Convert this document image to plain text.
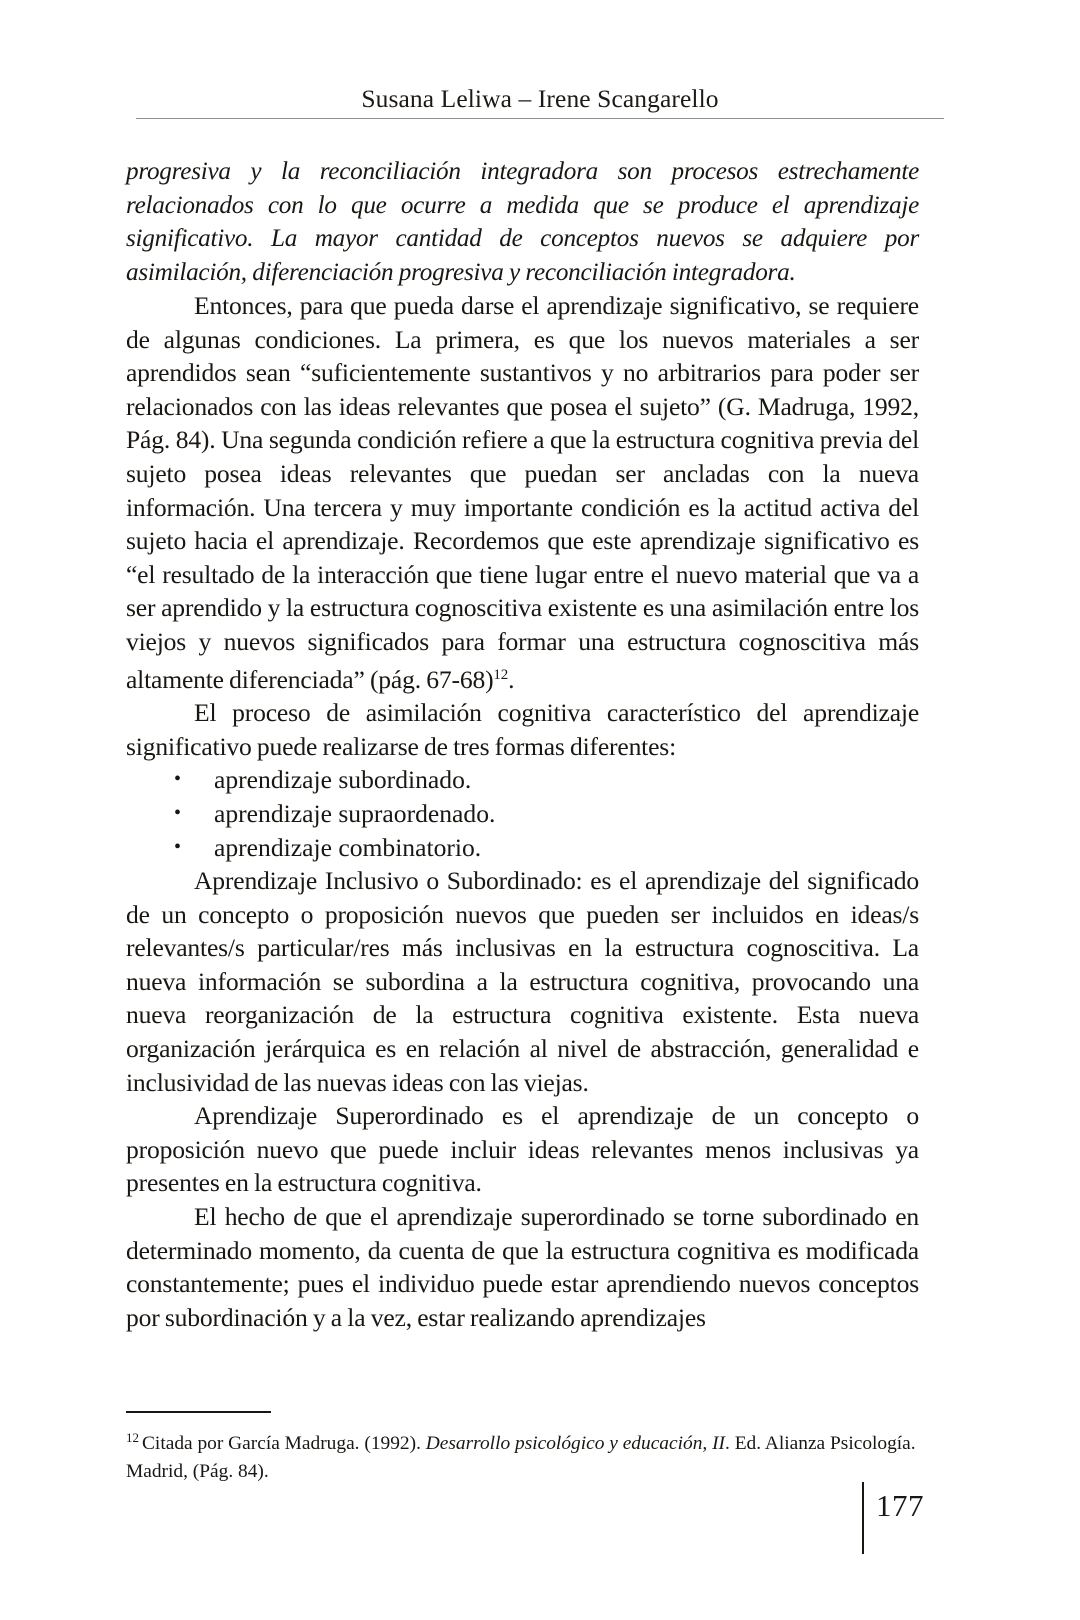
Susana Leliwa – Irene Scangarello

progresiva y la reconciliación integradora son procesos estrechamente relacionados con lo que ocurre a medida que se produce el aprendizaje significativo. La mayor cantidad de conceptos nuevos se adquiere por asimilación, diferenciación progresiva y reconciliación integradora.

Entonces, para que pueda darse el aprendizaje significativo, se requiere de algunas condiciones. La primera, es que los nuevos materiales a ser aprendidos sean “suficientemente sustantivos y no arbitrarios para poder ser relacionados con las ideas relevantes que posea el sujeto” (G. Madruga, 1992, Pág. 84). Una segunda condición refiere a que la estructura cognitiva previa del sujeto posea ideas relevantes que puedan ser ancladas con la nueva información. Una tercera y muy importante condición es la actitud activa del sujeto hacia el aprendizaje. Recordemos que este aprendizaje significativo es “el resultado de la interacción que tiene lugar entre el nuevo material que va a ser aprendido y la estructura cognoscitiva existente es una asimilación entre los viejos y nuevos significados para formar una estructura cognoscitiva más altamente diferenciada” (pág. 67-68)$^{12}$.

El proceso de asimilación cognitiva característico del aprendizaje significativo puede realizarse de tres formas diferentes:

• aprendizaje subordinado.
• aprendizaje supraordenado.
• aprendizaje combinatorio.

Aprendizaje Inclusivo o Subordinado: es el aprendizaje del significado de un concepto o proposición nuevos que pueden ser incluidos en ideas/s relevantes/s particular/res más inclusivas en la estructura cognoscitiva. La nueva información se subordina a la estructura cognitiva, provocando una nueva reorganización de la estructura cognitiva existente. Esta nueva organización jerárquica es en relación al nivel de abstracción, generalidad e inclusividad de las nuevas ideas con las viejas.

Aprendizaje Superordinado es el aprendizaje de un concepto o proposición nuevo que puede incluir ideas relevantes menos inclusivas ya presentes en la estructura cognitiva.

El hecho de que el aprendizaje superordinado se torne subordinado en determinado momento, da cuenta de que la estructura cognitiva es modificada constantemente; pues el individuo puede estar aprendiendo nuevos conceptos por subordinación y a la vez, estar realizando aprendizajes

$^{12}$ Citada por García Madruga. (1992). Desarrollo psicológico y educación, II. Ed. Alianza Psicología. Madrid, (Pág. 84).
177
